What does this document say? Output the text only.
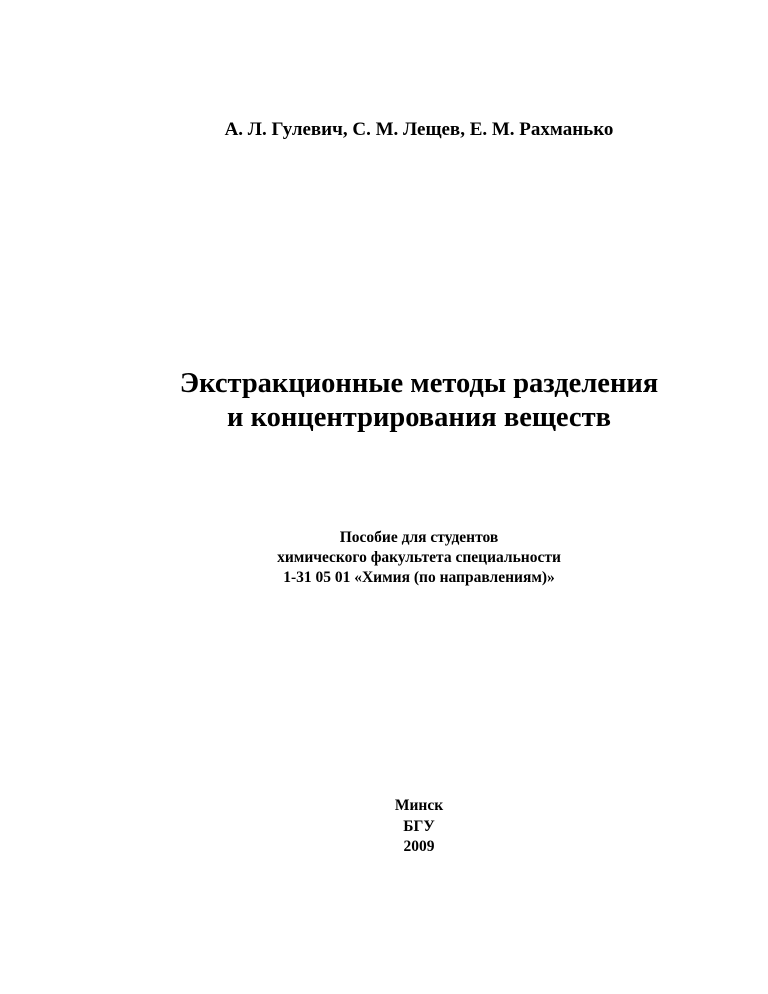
А. Л. Гулевич, С. М. Лещев, Е. М. Рахманько
Экстракционные методы разделения
и концентрирования веществ
Пособие для студентов
химического факультета специальности
1-31 05 01 «Химия (по направлениям)»
Минск
БГУ
2009
